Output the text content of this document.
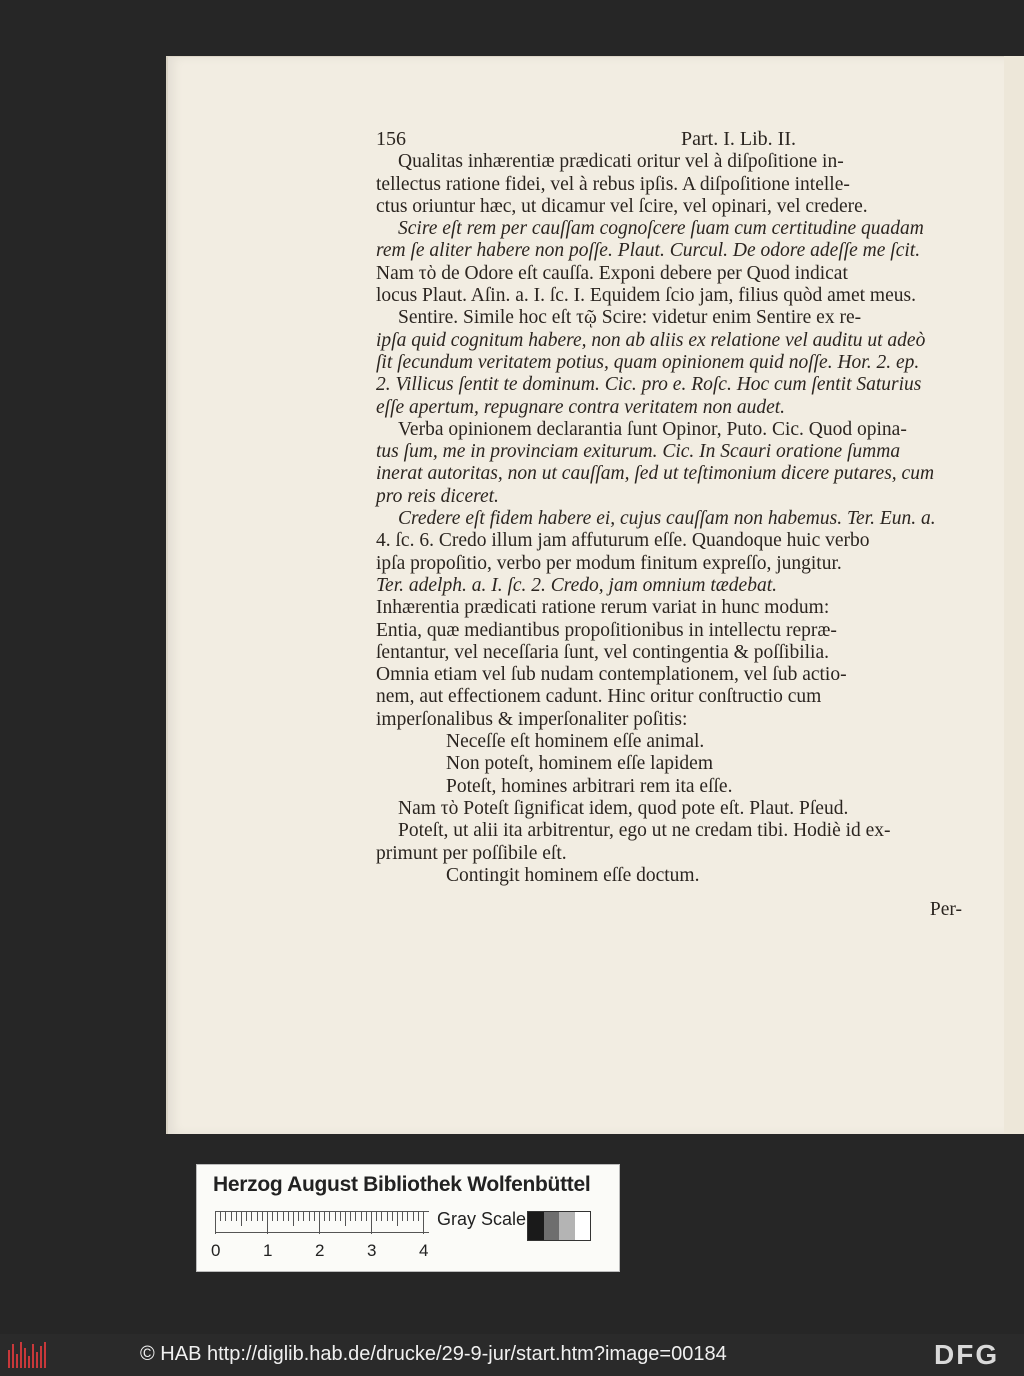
156	Part. I. Lib. II.
Qualitas inhærentiæ prædicati oritur vel à diſpoſitione in-
tellectus ratione fidei, vel à rebus ipſis. A diſpoſitione intelle-
ctus oriuntur hæc, ut dicamur vel ſcire, vel opinari, vel credere.
Scire eſt rem per cauſſam cognoſcere ſuam cum certitudine quadam
rem ſe aliter habere non poſſe. Plaut. Curcul. De odore adeſſe me ſcit.
Nam τὸ de Odore eſt cauſſa. Exponi debere per Quod indicat
locus Plaut. Aſin. a. I. ſc. I. Equidem ſcio jam, filius quòd amet meus.
Sentire. Simile hoc eſt τῷ Scire: videtur enim Sentire ex re-
ipſa quid cognitum habere, non ab aliis ex relatione vel auditu ut adeò
ſit ſecundum veritatem potius, quam opinionem quid noſſe. Hor. 2. ep.
2. Villicus ſentit te dominum. Cic. pro e. Roſc. Hoc cum ſentit Saturius
eſſe apertum, repugnare contra veritatem non audet.
Verba opinionem declarantia ſunt Opinor, Puto. Cic. Quod opina-
tus ſum, me in provinciam exiturum. Cic. In Scauri oratione ſumma
inerat autoritas, non ut cauſſam, ſed ut teſtimonium dicere putares, cum
pro reis diceret.
Credere eſt fidem habere ei, cujus cauſſam non habemus. Ter. Eun. a.
4. ſc. 6. Credo illum jam affuturum eſſe. Quandoque huic verbo
ipſa propoſitio, verbo per modum finitum expreſſo, jungitur.
Ter. adelph. a. I. ſc. 2. Credo, jam omnium tædebat.
Inhærentia prædicati ratione rerum variat in hunc modum:
Entia, quæ mediantibus propoſitionibus in intellectu repræ-
ſentantur, vel neceſſaria ſunt, vel contingentia & poſſibilia.
Omnia etiam vel ſub nudam contemplationem, vel ſub actio-
nem, aut effectionem cadunt. Hinc oritur conſtructio cum
imperſonalibus & imperſonaliter poſitis:
Neceſſe eſt hominem eſſe animal.
Non poteſt, hominem eſſe lapidem
Poteſt, homines arbitrari rem ita eſſe.
Nam τὸ Poteſt ſignificat idem, quod pote eſt. Plaut. Pſeud.
Poteſt, ut alii ita arbitrentur, ego ut ne credam tibi. Hodiè id ex-
primunt per poſſibile eſt.
Contingit hominem eſſe doctum.
Per-
Herzog August Bibliothek Wolfenbüttel
0	1	2	3	4
Gray Scale
© HAB http://diglib.hab.de/drucke/29-9-jur/start.htm?image=00184	DFG
